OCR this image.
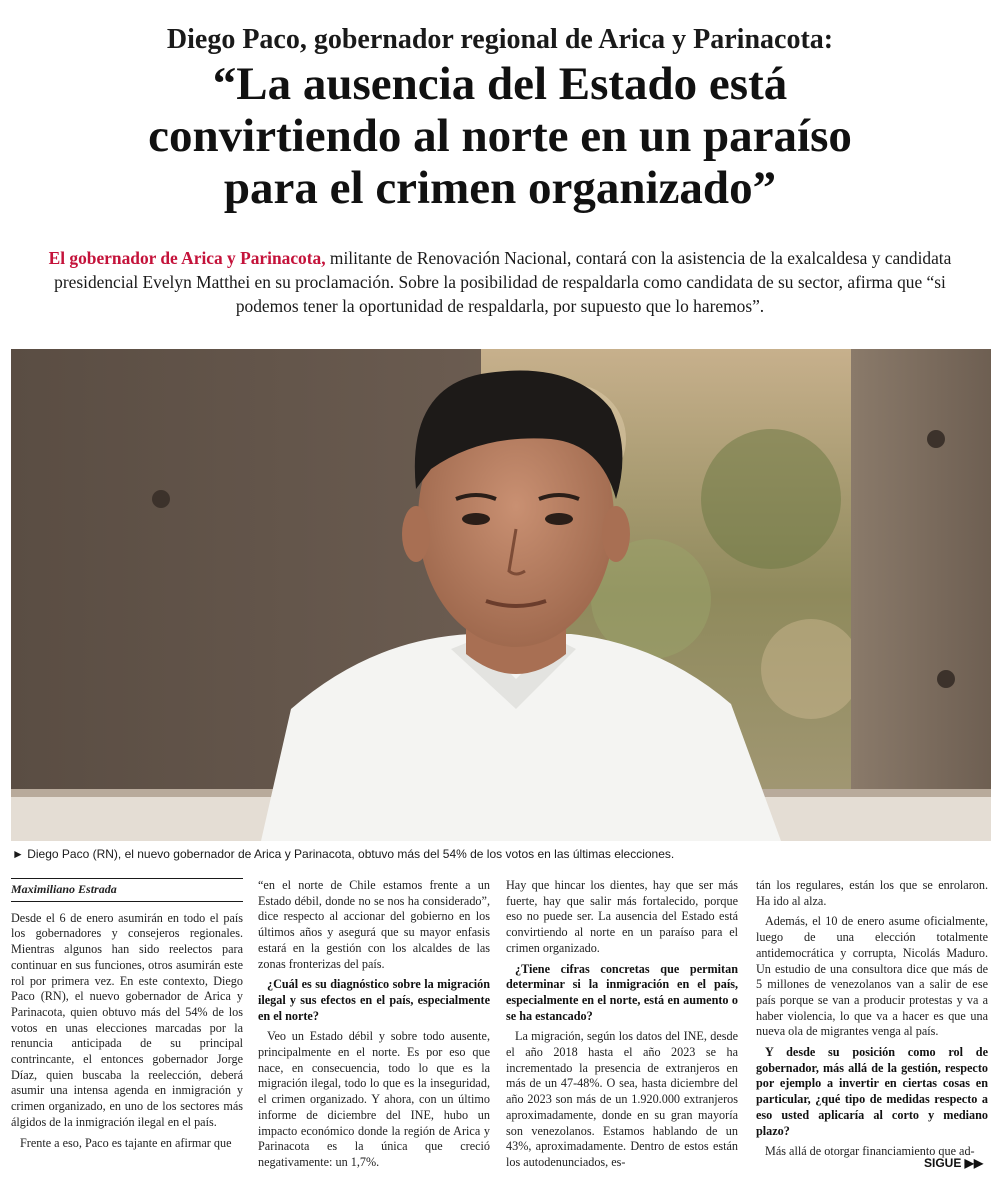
Diego Paco, gobernador regional de Arica y Parinacota:
“La ausencia del Estado está
convirtiendo al norte en un paraíso
para el crimen organizado”
El gobernador de Arica y Parinacota, militante de Renovación Nacional, contará con la asistencia de la exalcaldesa y candidata presidencial Evelyn Matthei en su proclamación. Sobre la posibilidad de respaldarla como candidata de su sector, afirma que “si podemos tener la oportunidad de respaldarla, por supuesto que lo haremos”.
► Diego Paco (RN), el nuevo gobernador de Arica y Parinacota, obtuvo más del 54% de los votos en las últimas elecciones.
Maximiliano Estrada

Desde el 6 de enero asumirán en todo el país los gobernadores y consejeros regionales. Mientras algunos han sido reelectos para continuar en sus funciones, otros asumirán este rol por primera vez. En este contexto, Diego Paco (RN), el nuevo gobernador de Arica y Parinacota, quien obtuvo más del 54% de los votos en unas elecciones marcadas por la renuncia anticipada de su principal contrincante, el entonces gobernador Jorge Díaz, quien buscaba la reelección, deberá asumir una intensa agenda en inmigración y crimen organizado, en uno de los sectores más álgidos de la inmigración ilegal en el país.

Frente a eso, Paco es tajante en afirmar que

“en el norte de Chile estamos frente a un Estado débil, donde no se nos ha considerado”, dice respecto al accionar del gobierno en los últimos años y asegurá que su mayor enfasis estará en la gestión con los alcaldes de las zonas fronterizas del país.

¿Cuál es su diagnóstico sobre la migración ilegal y sus efectos en el país, especialmente en el norte?

Veo un Estado débil y sobre todo ausente, principalmente en el norte. Es por eso que nace, en consecuencia, todo lo que es la migración ilegal, todo lo que es la inseguridad, el crimen organizado. Y ahora, con un último informe de diciembre del INE, hubo un impacto económico donde la región de Arica y Parinacota es la única que creció negativamente: un 1,7%.

Hay que hincar los dientes, hay que ser más fuerte, hay que salir más fortalecido, porque eso no puede ser. La ausencia del Estado está convirtiendo al norte en un paraíso para el crimen organizado.

¿Tiene cifras concretas que permitan determinar si la inmigración en el país, especialmente en el norte, está en aumento o se ha estancado?

La migración, según los datos del INE, desde el año 2018 hasta el año 2023 se ha incrementado la presencia de extranjeros en más de un 47-48%. O sea, hasta diciembre del año 2023 son más de un 1.920.000 extranjeros aproximadamente, donde en su gran mayoría son venezolanos. Estamos hablando de un 43%, aproximadamente. Dentro de estos están los autodenunciados, es-

tán los regulares, están los que se enrolaron. Ha ido al alza.

Además, el 10 de enero asume oficialmente, luego de una elección totalmente antidemocrática y corrupta, Nicolás Maduro. Un estudio de una consultora dice que más de 5 millones de venezolanos van a salir de ese país porque se van a producir protestas y va a haber violencia, lo que va a hacer es que una nueva ola de migrantes venga al país.

Y desde su posición como rol de gobernador, más allá de la gestión, respecto por ejemplo a invertir en ciertas cosas en particular, ¿qué tipo de medidas respecto a eso usted aplicaría al corto y mediano plazo?

Más allá de otorgar financiamiento que ad-

SIGUE ▶▶
